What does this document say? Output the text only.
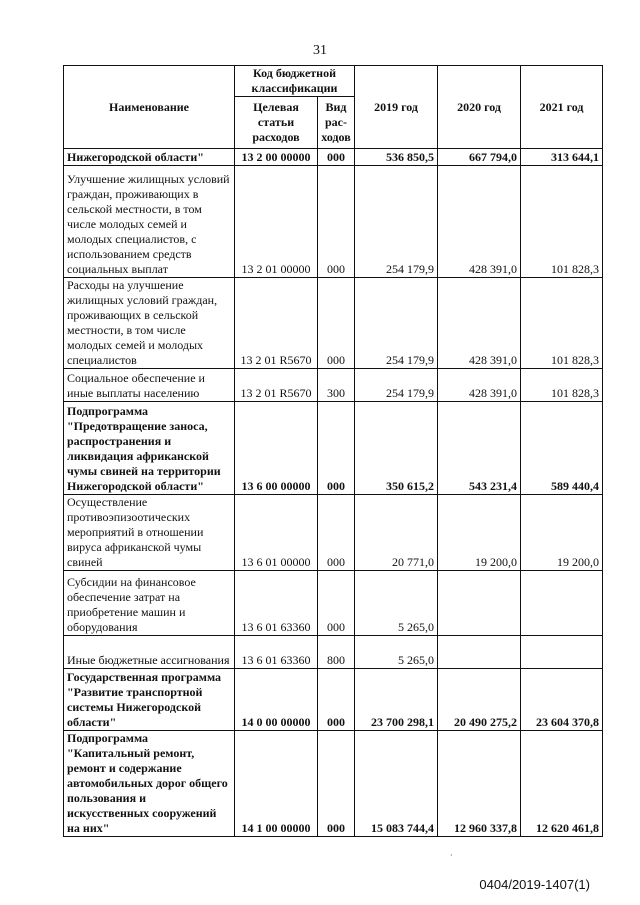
31
Наименование	Код бюджетной классификации		2019 год	2020 год	2021 год
	Целевая статьи расходов	Вид рас-ходов			
Нижегородской области"	13 2 00 00000	000	536 850,5	667 794,0	313 644,1
Улучшение жилищных условий граждан, проживающих в сельской местности, в том числе молодых семей и молодых специалистов, с использованием средств социальных выплат	13 2 01 00000	000	254 179,9	428 391,0	101 828,3
Расходы на улучшение жилищных условий граждан, проживающих в сельской местности, в том числе молодых семей и молодых специалистов	13 2 01 R5670	000	254 179,9	428 391,0	101 828,3
Социальное обеспечение и иные выплаты населению	13 2 01 R5670	300	254 179,9	428 391,0	101 828,3
Подпрограмма "Предотвращение заноса, распространения и ликвидация африканской чумы свиней на территории Нижегородской области"	13 6 00 00000	000	350 615,2	543 231,4	589 440,4
Осуществление противоэпизоотических мероприятий в отношении вируса африканской чумы свиней	13 6 01 00000	000	20 771,0	19 200,0	19 200,0
Субсидии на финансовое обеспечение затрат на приобретение машин и оборудования	13 6 01 63360	000	5 265,0		
Иные бюджетные ассигнования	13 6 01 63360	800	5 265,0		
Государственная программа "Развитие транспортной системы Нижегородской области"	14 0 00 00000	000	23 700 298,1	20 490 275,2	23 604 370,8
Подпрограмма "Капитальный ремонт, ремонт и содержание автомобильных дорог общего пользования и искусственных сооружений на них"	14 1 00 00000	000	15 083 744,4	12 960 337,8	12 620 461,8
·
0404/2019-1407(1)
